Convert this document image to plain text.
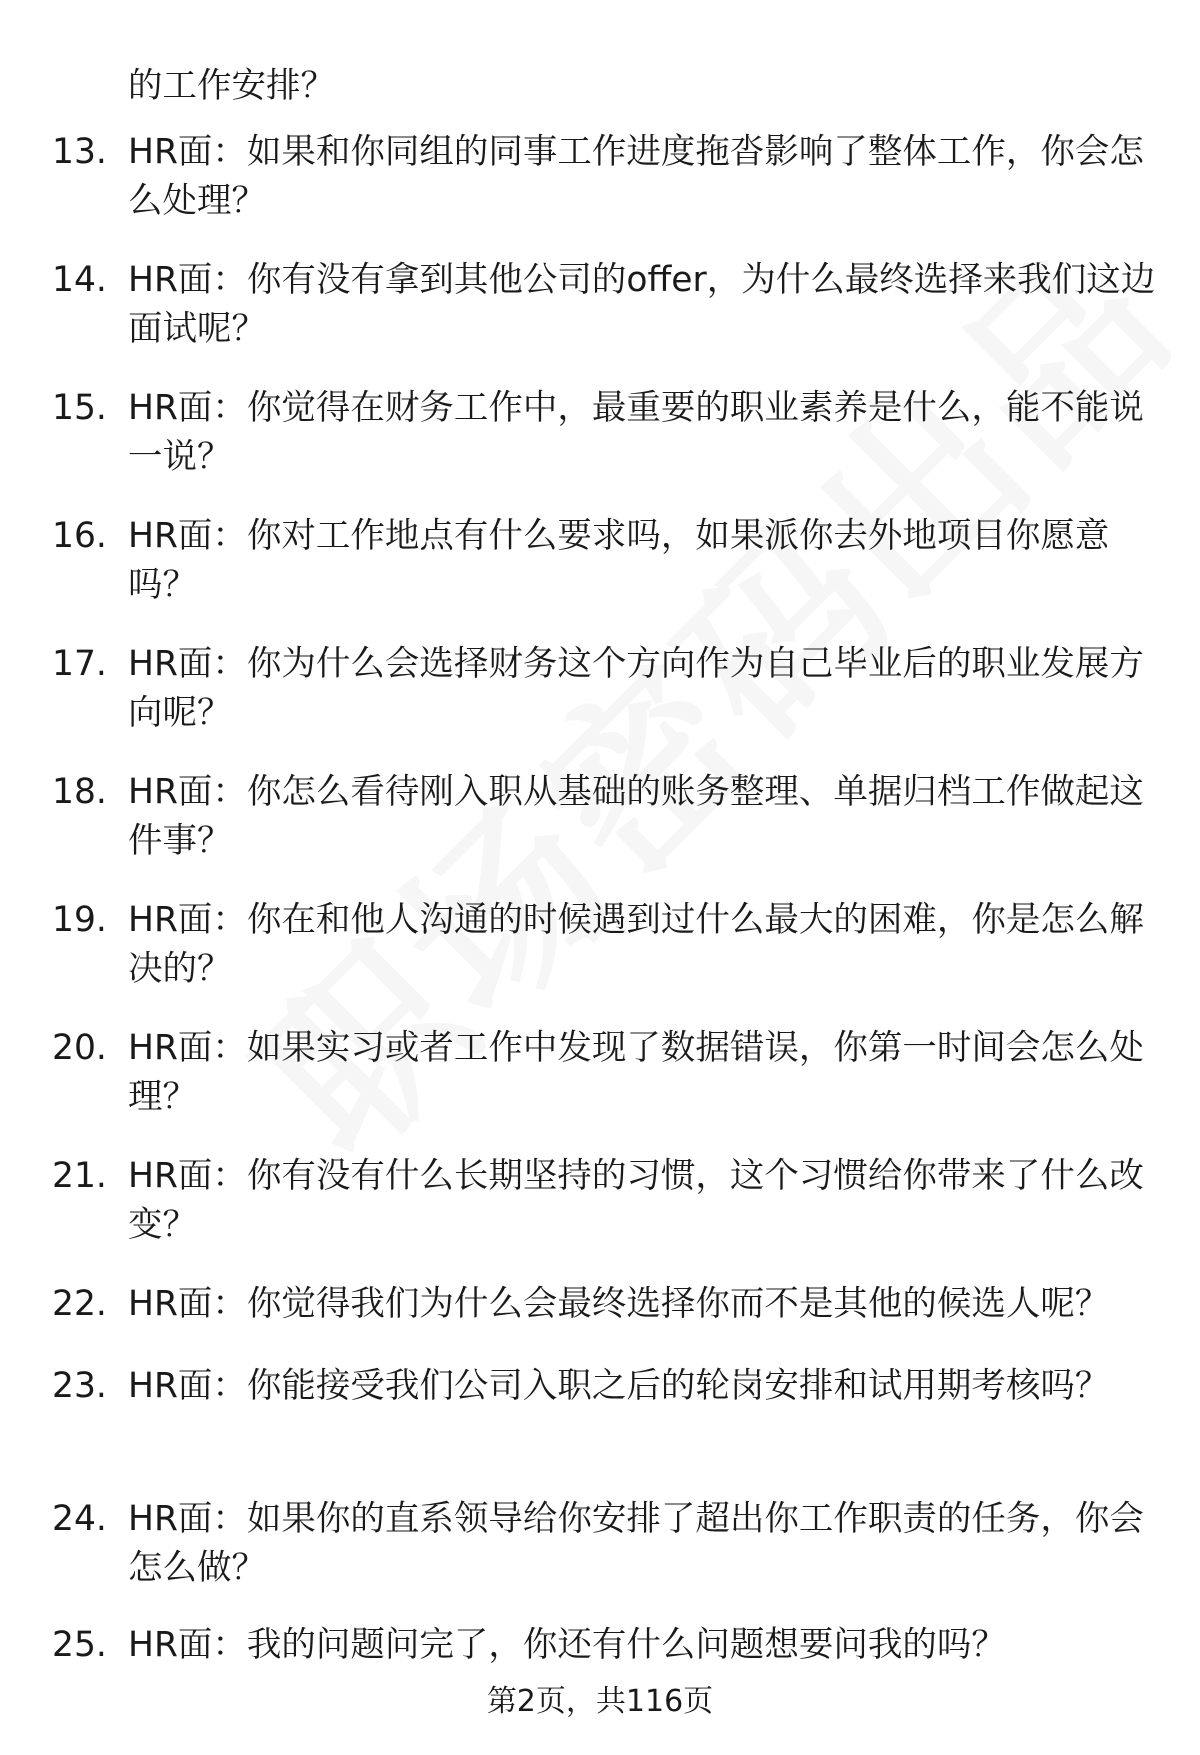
的工作安排？
13. HR面：如果和你同组的同事工作进度拖沓影响了整体工作，你会怎么处理？
14. HR面：你有没有拿到其他公司的offer，为什么最终选择来我们这边面试呢？
15. HR面：你觉得在财务工作中，最重要的职业素养是什么，能不能说一说？
16. HR面：你对工作地点有什么要求吗，如果派你去外地项目你愿意吗？
17. HR面：你为什么会选择财务这个方向作为自己毕业后的职业发展方向呢？
18. HR面：你怎么看待刚入职从基础的账务整理、单据归档工作做起这件事？
19. HR面：你在和他人沟通的时候遇到过什么最大的困难，你是怎么解决的？
20. HR面：如果实习或者工作中发现了数据错误，你第一时间会怎么处理？
21. HR面：你有没有什么长期坚持的习惯，这个习惯给你带来了什么改变？
22. HR面：你觉得我们为什么会最终选择你而不是其他的候选人呢？
23. HR面：你能接受我们公司入职之后的轮岗安排和试用期考核吗？
24. HR面：如果你的直系领导给你安排了超出你工作职责的任务，你会怎么做？
25. HR面：我的问题问完了，你还有什么问题想要问我的吗？
第2页，共116页
